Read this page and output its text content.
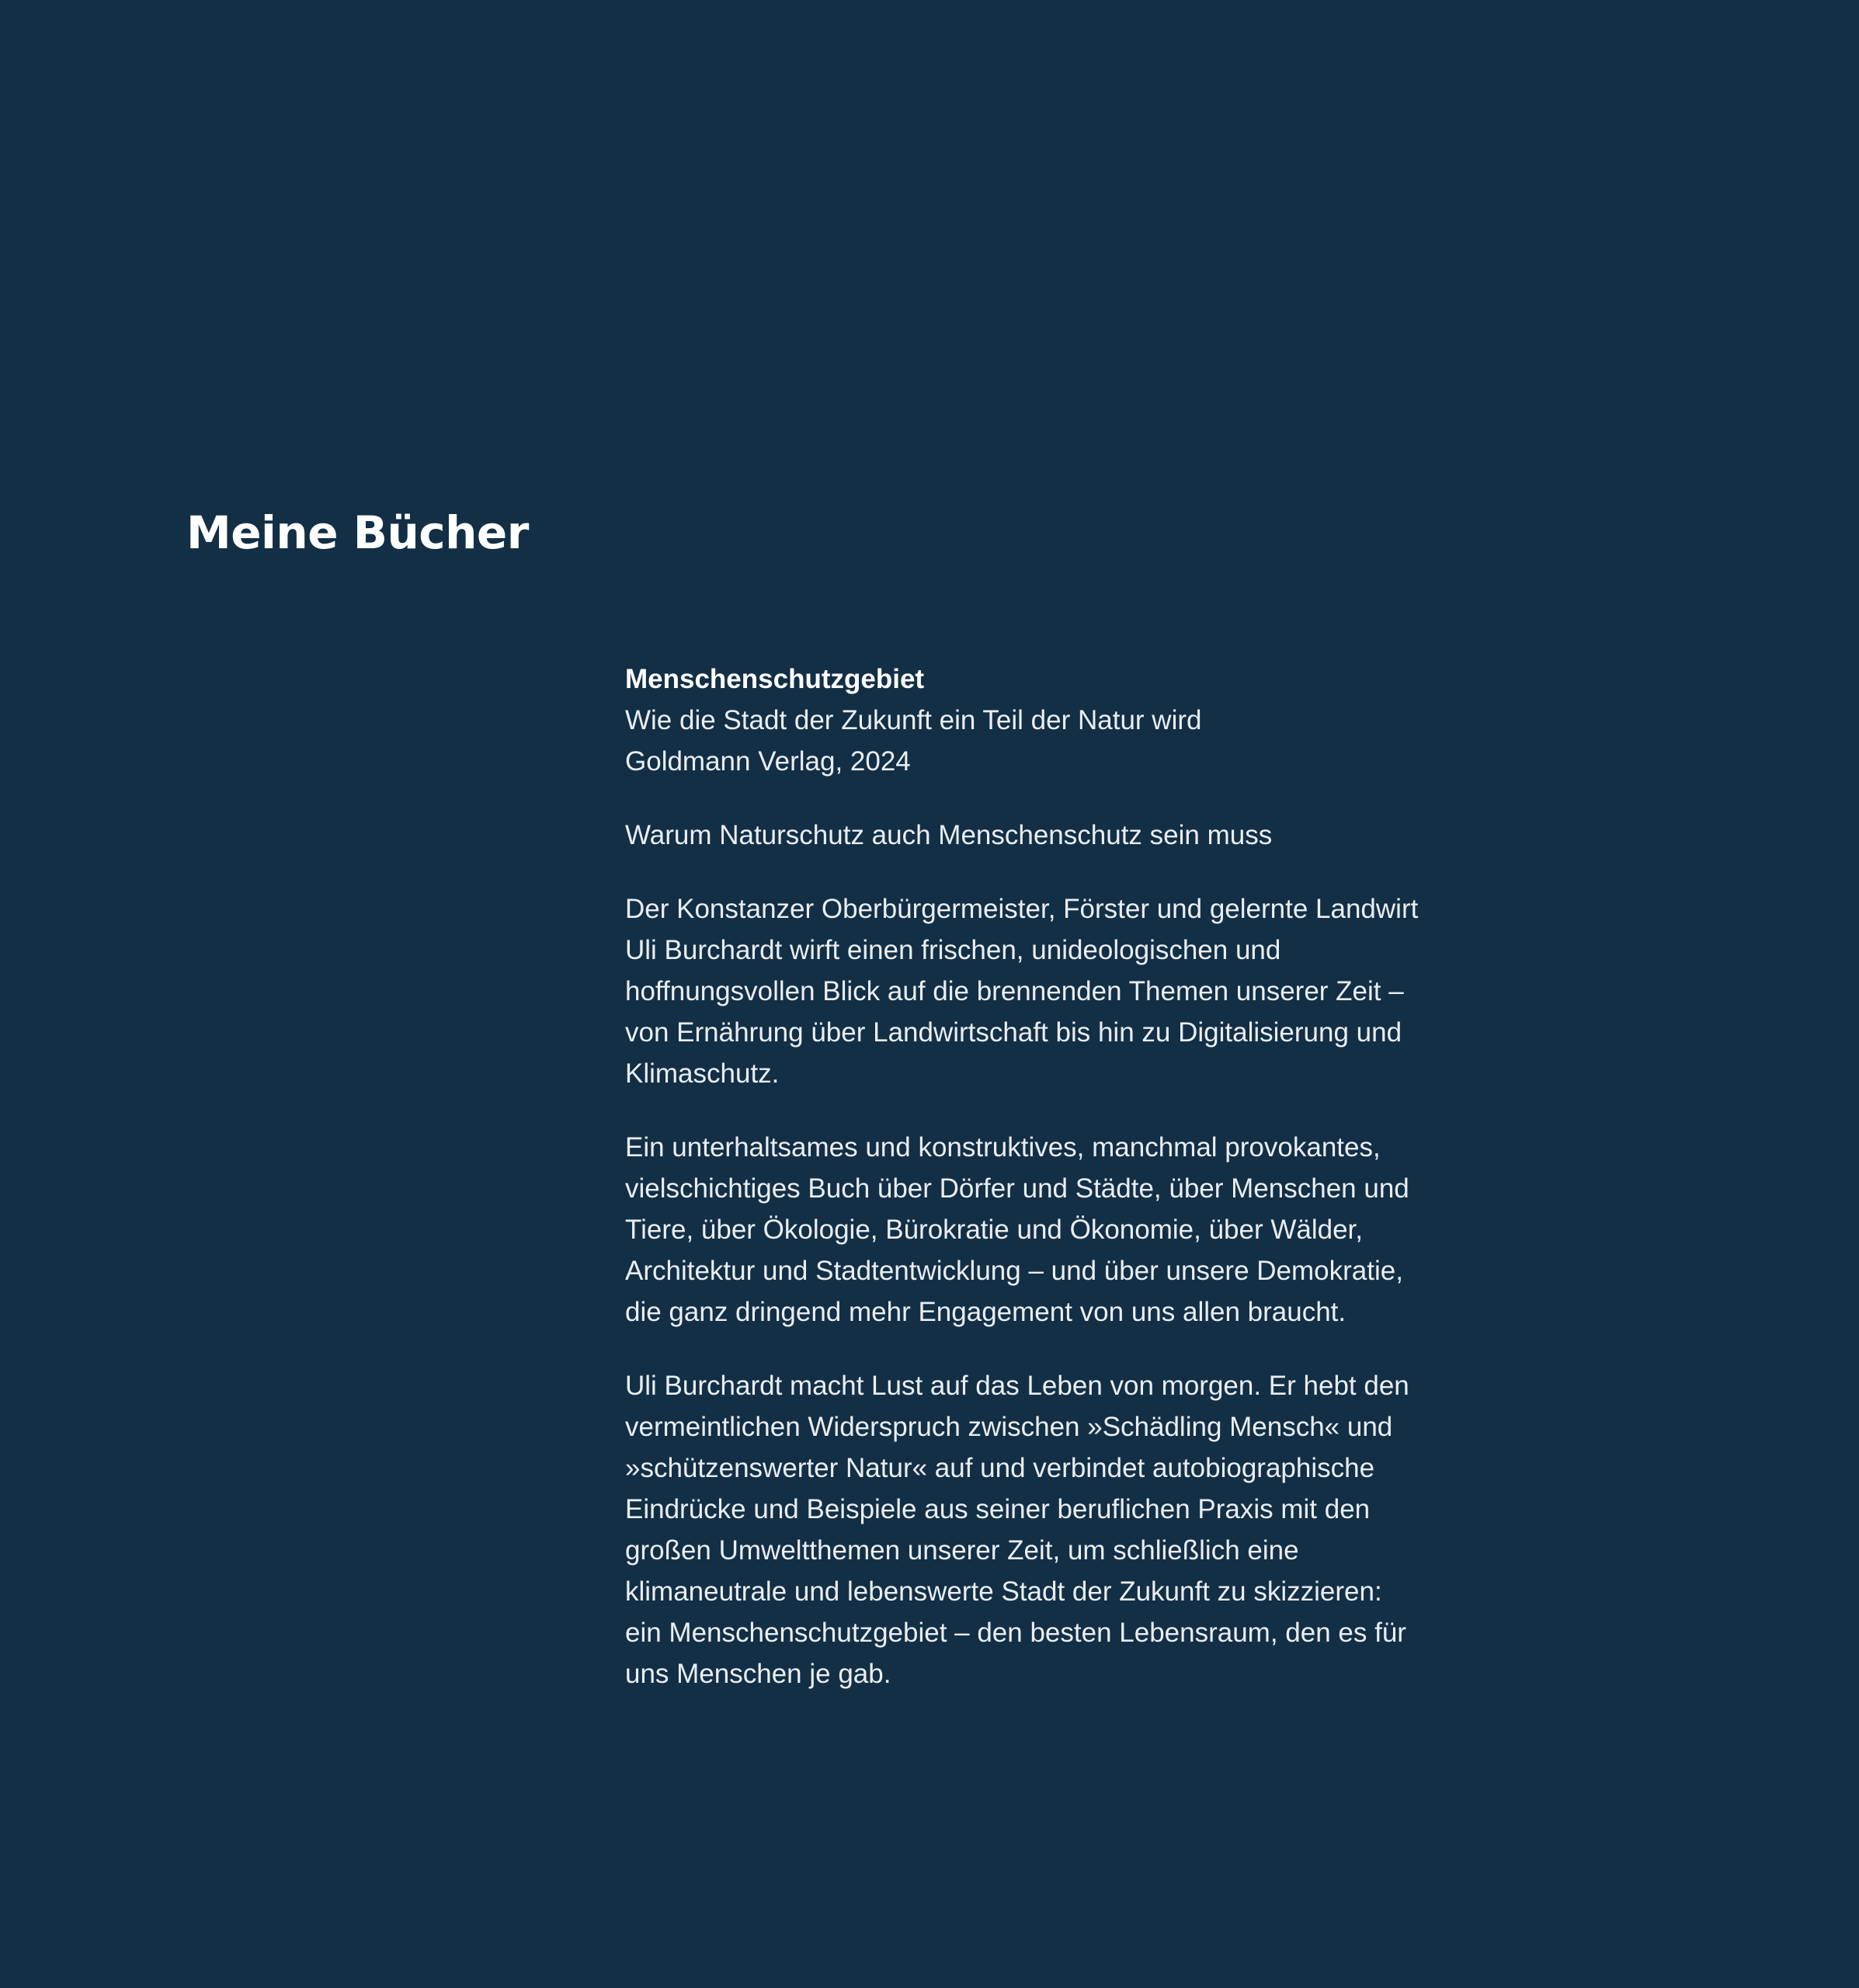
Meine Bücher

Menschenschutzgebiet
Wie die Stadt der Zukunft ein Teil der Natur wird
Goldmann Verlag, 2024

Warum Naturschutz auch Menschenschutz sein muss

Der Konstanzer Oberbürgermeister, Förster und gelernte Landwirt
Uli Burchardt wirft einen frischen, unideologischen und
hoffnungsvollen Blick auf die brennenden Themen unserer Zeit –
von Ernährung über Landwirtschaft bis hin zu Digitalisierung und
Klimaschutz.

Ein unterhaltsames und konstruktives, manchmal provokantes,
vielschichtiges Buch über Dörfer und Städte, über Menschen und
Tiere, über Ökologie, Bürokratie und Ökonomie, über Wälder,
Architektur und Stadtentwicklung – und über unsere Demokratie,
die ganz dringend mehr Engagement von uns allen braucht.

Uli Burchardt macht Lust auf das Leben von morgen. Er hebt den
vermeintlichen Widerspruch zwischen »Schädling Mensch« und
»schützenswerter Natur« auf und verbindet autobiographische
Eindrücke und Beispiele aus seiner beruflichen Praxis mit den
großen Umweltthemen unserer Zeit, um schließlich eine
klimaneutrale und lebenswerte Stadt der Zukunft zu skizzieren:
ein Menschenschutzgebiet – den besten Lebensraum, den es für
uns Menschen je gab.
